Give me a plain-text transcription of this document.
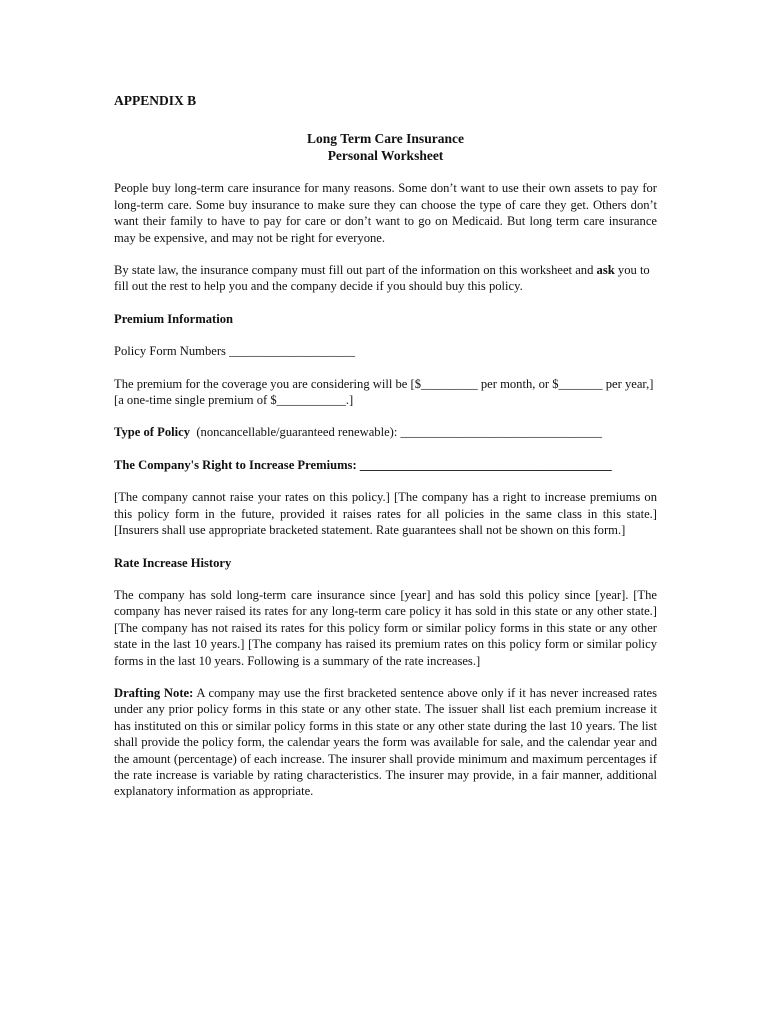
APPENDIX B
Long Term Care Insurance
Personal Worksheet

People buy long-term care insurance for many reasons. Some don’t want to use their own assets to pay for long-term care. Some buy insurance to make sure they can choose the type of care they get. Others don’t want their family to have to pay for care or don’t want to go on Medicaid. But long term care insurance may be expensive, and may not be right for everyone.

By state law, the insurance company must fill out part of the information on this worksheet and ask you to fill out the rest to help you and the company decide if you should buy this policy.

Premium Information
Policy Form Numbers ____________________

The premium for the coverage you are considering will be [$_________ per month, or $_______ per year,] [a one-time single premium of $___________.]

Type of Policy  (noncancellable/guaranteed renewable): ________________________________
The Company's Right to Increase Premiums: ________________________________________

[The company cannot raise your rates on this policy.] [The company has a right to increase premiums on this policy form in the future, provided it raises rates for all policies in the same class in this state.] [Insurers shall use appropriate bracketed statement. Rate guarantees shall not be shown on this form.]

Rate Increase History

The company has sold long-term care insurance since [year] and has sold this policy since [year]. [The company has never raised its rates for any long-term care policy it has sold in this state or any other state.] [The company has not raised its rates for this policy form or similar policy forms in this state or any other state in the last 10 years.] [The company has raised its premium rates on this policy form or similar policy forms in the last 10 years. Following is a summary of the rate increases.]

Drafting Note: A company may use the first bracketed sentence above only if it has never increased rates under any prior policy forms in this state or any other state. The issuer shall list each premium increase it has instituted on this or similar policy forms in this state or any other state during the last 10 years. The list shall provide the policy form, the calendar years the form was available for sale, and the calendar year and the amount (percentage) of each increase. The insurer shall provide minimum and maximum percentages if the rate increase is variable by rating characteristics. The insurer may provide, in a fair manner, additional explanatory information as appropriate.
